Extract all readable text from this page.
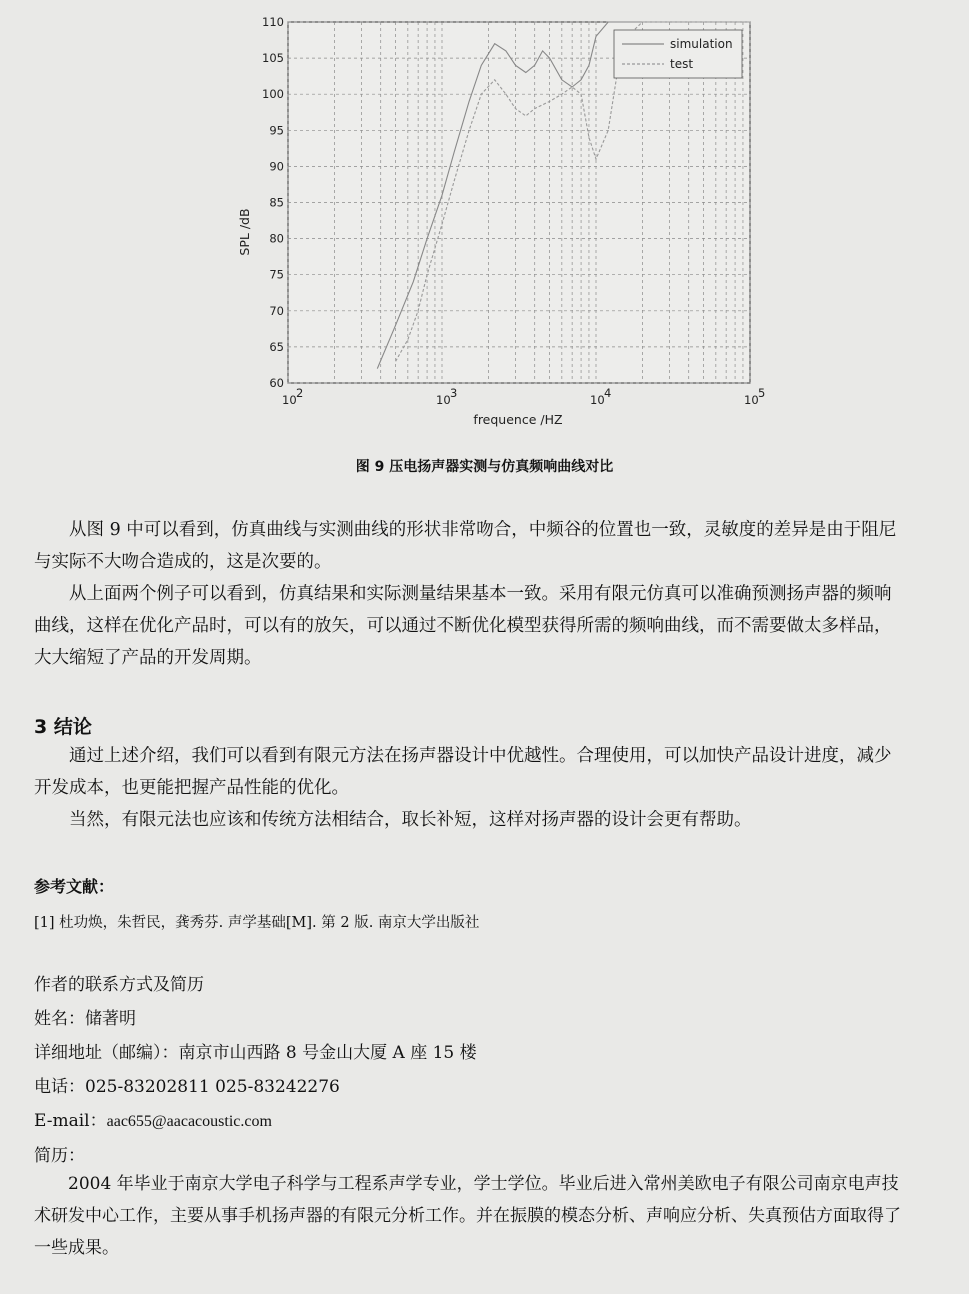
10 2	10 3	10 4	10 5
60
65
70
75
80
85
90
95
100
105
110
simulation
test
SPL /dB
frequence /HZ
图 9 压电扬声器实测与仿真频响曲线对比

从图 9 中可以看到，仿真曲线与实测曲线的形状非常吻合，中频谷的位置也一致，灵敏度的差异是由于阻尼与实际不大吻合造成的，这是次要的。

从上面两个例子可以看到，仿真结果和实际测量结果基本一致。采用有限元仿真可以准确预测扬声器的频响曲线，这样在优化产品时，可以有的放矢，可以通过不断优化模型获得所需的频响曲线，而不需要做太多样品，大大缩短了产品的开发周期。

3 结论

通过上述介绍，我们可以看到有限元方法在扬声器设计中优越性。合理使用，可以加快产品设计进度，减少开发成本，也更能把握产品性能的优化。

当然，有限元法也应该和传统方法相结合，取长补短，这样对扬声器的设计会更有帮助。

参考文献：
[1] 杜功焕，朱哲民，龚秀芬. 声学基础[M]. 第 2 版. 南京大学出版社
作者的联系方式及简历
姓名：储著明
详细地址（邮编）：南京市山西路 8 号金山大厦 A 座 15 楼
电话：025-83202811 025-83242276
E-mail：aac655@aacacoustic.com
简历：

2004 年毕业于南京大学电子科学与工程系声学专业，学士学位。毕业后进入常州美欧电子有限公司南京电声技术研发中心工作，主要从事手机扬声器的有限元分析工作。并在振膜的模态分析、声响应分析、失真预估方面取得了一些成果。
